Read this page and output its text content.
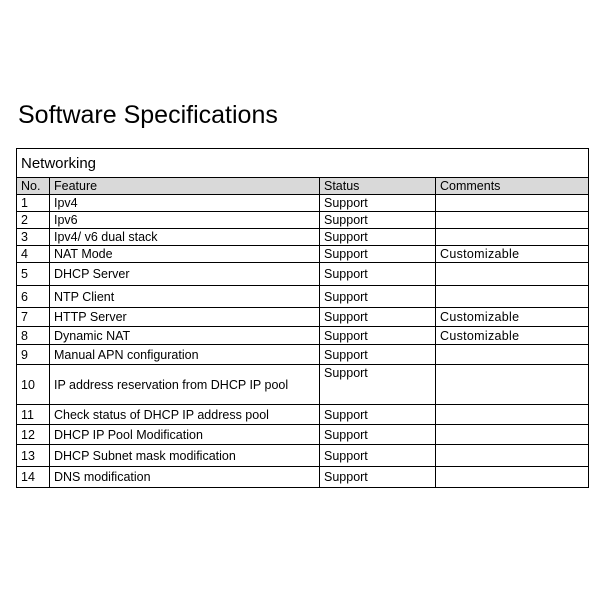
Software Specifications
Networking			
No.	Feature	Status	Comments
1	Ipv4	Support	
2	Ipv6	Support	
3	Ipv4/ v6 dual stack	Support	
4	NAT Mode	Support	Customizable
5	DHCP Server	Support	
6	NTP Client	Support	
7	HTTP Server	Support	Customizable
8	Dynamic NAT	Support	Customizable
9	Manual APN configuration	Support	
10	IP address reservation from DHCP IP pool	Support	
11	Check status of DHCP IP address pool	Support	
12	DHCP IP Pool Modification	Support	
13	DHCP Subnet mask modification	Support	
14	DNS modification	Support	
